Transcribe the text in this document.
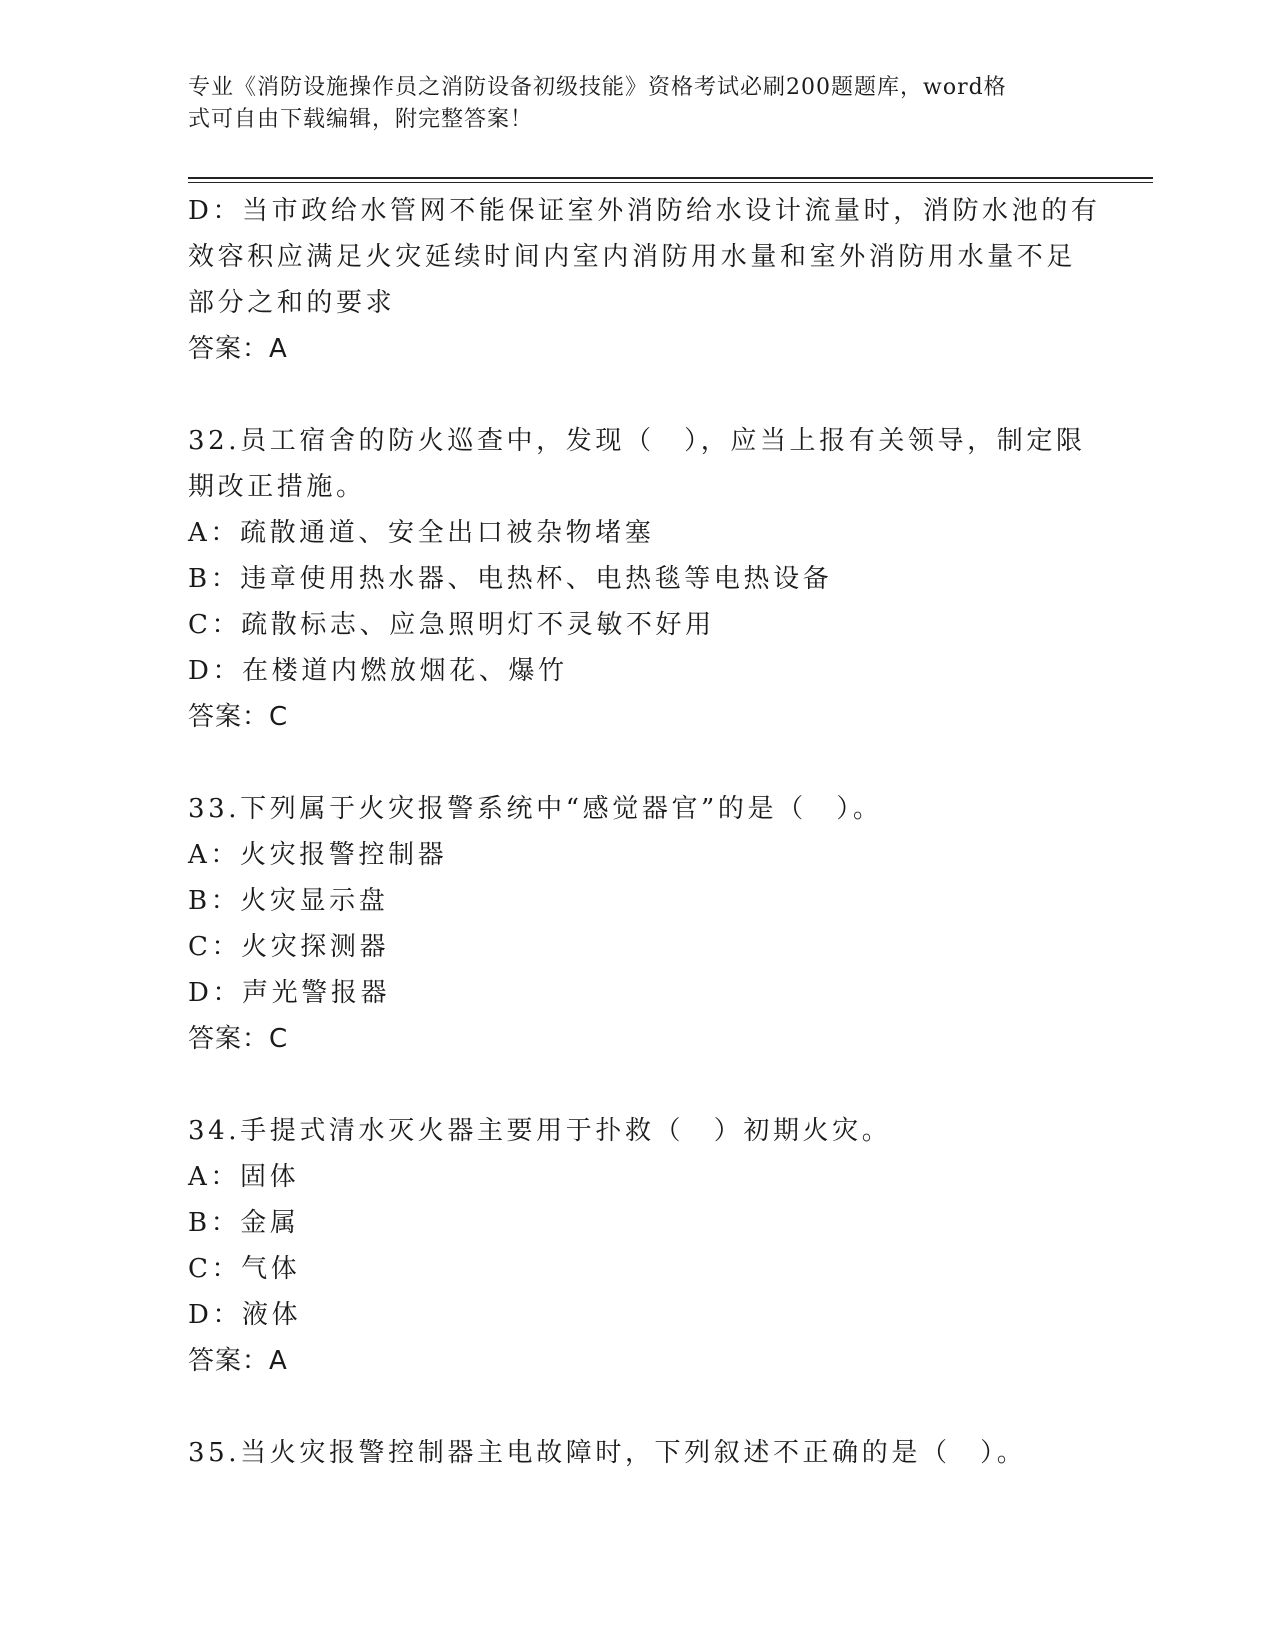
专业《消防设施操作员之消防设备初级技能》资格考试必刷200题题库，word格
式可自由下载编辑，附完整答案！
D：当市政给水管网不能保证室外消防给水设计流量时，消防水池的有
效容积应满足火灾延续时间内室内消防用水量和室外消防用水量不足
部分之和的要求
答案：A
32.员工宿舍的防火巡查中，发现（　），应当上报有关领导，制定限
期改正措施。
A：疏散通道、安全出口被杂物堵塞
B：违章使用热水器、电热杯、电热毯等电热设备
C：疏散标志、应急照明灯不灵敏不好用
D：在楼道内燃放烟花、爆竹
答案：C
33.下列属于火灾报警系统中“感觉器官”的是（　）。
A：火灾报警控制器
B：火灾显示盘
C：火灾探测器
D：声光警报器
答案：C
34.手提式清水灭火器主要用于扑救（　）初期火灾。
A：固体
B：金属
C：气体
D：液体
答案：A
35.当火灾报警控制器主电故障时，下列叙述不正确的是（　）。
